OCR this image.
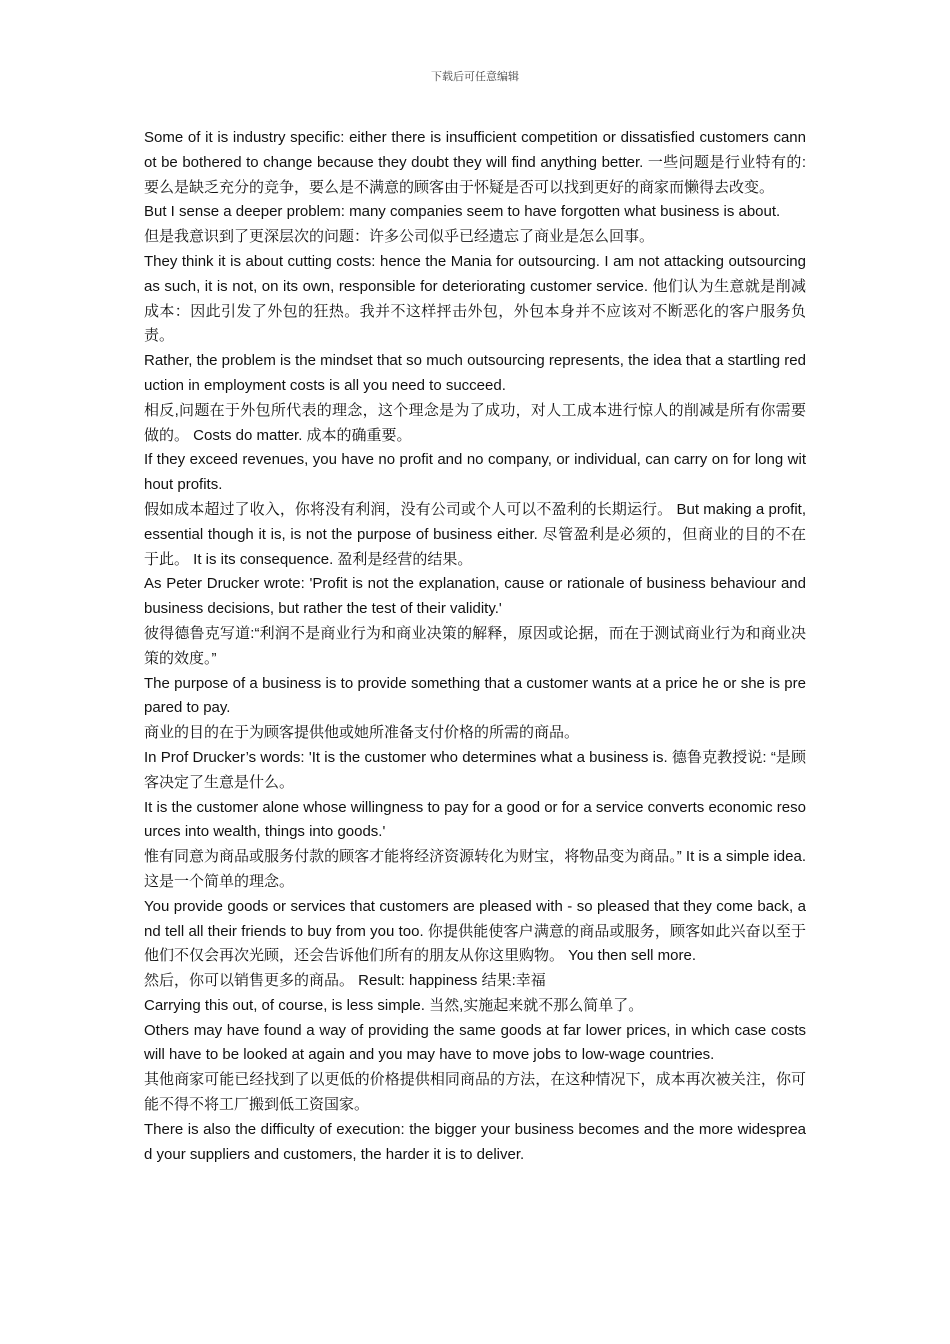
下载后可任意编辑

Some of it is industry specific: either there is insufficient competition or dissatisfied customers cannot be bothered to change because they doubt they will find anything better. 一些问题是行业特有的: 要么是缺乏充分的竞争，要么是不满意的顾客由于怀疑是否可以找到更好的商家而懒得去改变。

But I sense a deeper problem: many companies seem to have forgotten what business is about.

但是我意识到了更深层次的问题：许多公司似乎已经遗忘了商业是怎么回事。

They think it is about cutting costs: hence the Mania for outsourcing. I am not attacking outsourcing as such, it is not, on its own, responsible for deteriorating customer service. 他们认为生意就是削减成本：因此引发了外包的狂热。我并不这样抨击外包，外包本身并不应该对不断恶化的客户服务负责。

Rather, the problem is the mindset that so much outsourcing represents, the idea that a startling reduction in employment costs is all you need to succeed.

相反,问题在于外包所代表的理念，这个理念是为了成功，对人工成本进行惊人的削减是所有你需要做的。 Costs do matter. 成本的确重要。

If they exceed revenues, you have no profit and no company, or individual, can carry on for long without profits.

假如成本超过了收入，你将没有利润，没有公司或个人可以不盈利的长期运行。 But making a profit, essential though it is, is not the purpose of business either. 尽管盈利是必须的，但商业的目的不在于此。 It is its consequence. 盈利是经营的结果。

As Peter Drucker wrote: 'Profit is not the explanation, cause or rationale of business behaviour and business decisions, but rather the test of their validity.'

彼得德鲁克写道:“利润不是商业行为和商业决策的解释，原因或论据，而在于测试商业行为和商业决策的效度。”

The purpose of a business is to provide something that a customer wants at a price he or she is prepared to pay.

商业的目的在于为顾客提供他或她所准备支付价格的所需的商品。

In Prof Drucker’s words: 'It is the customer who determines what a business is. 德鲁克教授说: “是顾客决定了生意是什么。

It is the customer alone whose willingness to pay for a good or for a service converts economic resources into wealth, things into goods.'

惟有同意为商品或服务付款的顾客才能将经济资源转化为财宝，将物品变为商品。” It is a simple idea. 这是一个简单的理念。

You provide goods or services that customers are pleased with - so pleased that they come back, and tell all their friends to buy from you too. 你提供能使客户满意的商品或服务，顾客如此兴奋以至于他们不仅会再次光顾，还会告诉他们所有的朋友从你这里购物。 You then sell more.

然后，你可以销售更多的商品。 Result: happiness 结果:幸福

Carrying this out, of course, is less simple. 当然,实施起来就不那么简单了。

Others may have found a way of providing the same goods at far lower prices, in which case costs will have to be looked at again and you may have to move jobs to low-wage countries.

其他商家可能已经找到了以更低的价格提供相同商品的方法，在这种情况下，成本再次被关注，你可能不得不将工厂搬到低工资国家。

There is also the difficulty of execution: the bigger your business becomes and the more widespread your suppliers and customers, the harder it is to deliver.
